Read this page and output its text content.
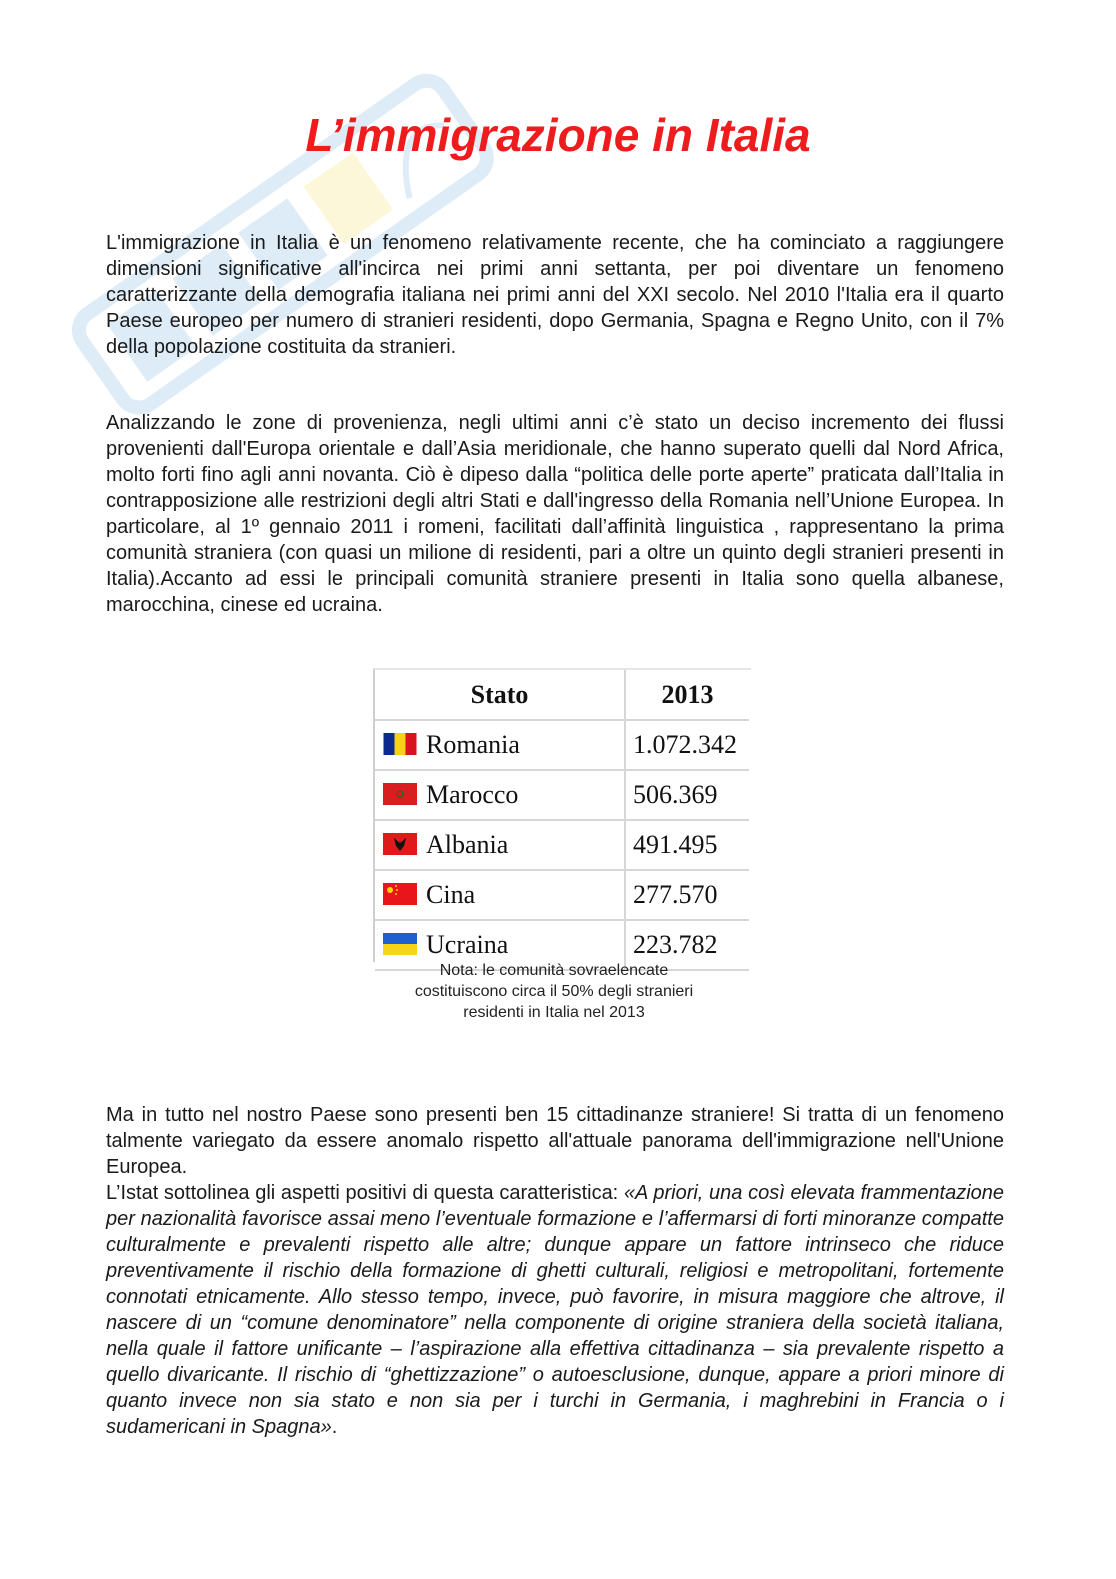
L’immigrazione in Italia

L'immigrazione in Italia è un fenomeno relativamente recente, che ha cominciato a raggiungere dimensioni significative all'incirca nei primi anni settanta, per poi diventare un fenomeno caratterizzante della demografia italiana nei primi anni del XXI secolo. Nel 2010 l'Italia era il quarto Paese europeo per numero di stranieri residenti, dopo Germania, Spagna e Regno Unito, con il 7% della popolazione costituita da stranieri.

Analizzando le zone di provenienza, negli ultimi anni c’è stato un deciso incremento dei flussi provenienti dall'Europa orientale e dall’Asia meridionale, che hanno superato quelli dal Nord Africa, molto forti fino agli anni novanta. Ciò è dipeso dalla “politica delle porte aperte” praticata dall’Italia in contrapposizione alle restrizioni degli altri Stati e dall'ingresso della Romania nell’Unione Europea. In particolare, al 1º gennaio 2011 i romeni, facilitati dall’affinità linguistica , rappresentano la prima comunità straniera (con quasi un milione di residenti, pari a oltre un quinto degli stranieri presenti in Italia).Accanto ad essi le principali comunità straniere presenti in Italia sono quella albanese, marocchina, cinese ed ucraina.

Stato	2013

Romania	1.072.342

Marocco	506.369

Albania	491.495

Cina	277.570

Ucraina	223.782

Nota: le comunità sovraelencate costituiscono circa il 50% degli stranieri residenti in Italia nel 2013

Ma in tutto nel nostro Paese sono presenti ben 15 cittadinanze straniere! Si tratta di un fenomeno talmente variegato da essere anomalo rispetto all'attuale panorama dell'immigrazione nell'Unione Europea.

L’Istat sottolinea gli aspetti positivi di questa caratteristica: «A priori, una così elevata frammentazione per nazionalità favorisce assai meno l’eventuale formazione e l’affermarsi di forti minoranze compatte culturalmente e prevalenti rispetto alle altre; dunque appare un fattore intrinseco che riduce preventivamente il rischio della formazione di ghetti culturali, religiosi e metropolitani, fortemente connotati etnicamente. Allo stesso tempo, invece, può favorire, in misura maggiore che altrove, il nascere di un “comune denominatore” nella componente di origine straniera della società italiana, nella quale il fattore unificante – l’aspirazione alla effettiva cittadinanza – sia prevalente rispetto a quello divaricante. Il rischio di “ghettizzazione” o autoesclusione, dunque, appare a priori minore di quanto invece non sia stato e non sia per i turchi in Germania, i maghrebini in Francia o i sudamericani in Spagna».
